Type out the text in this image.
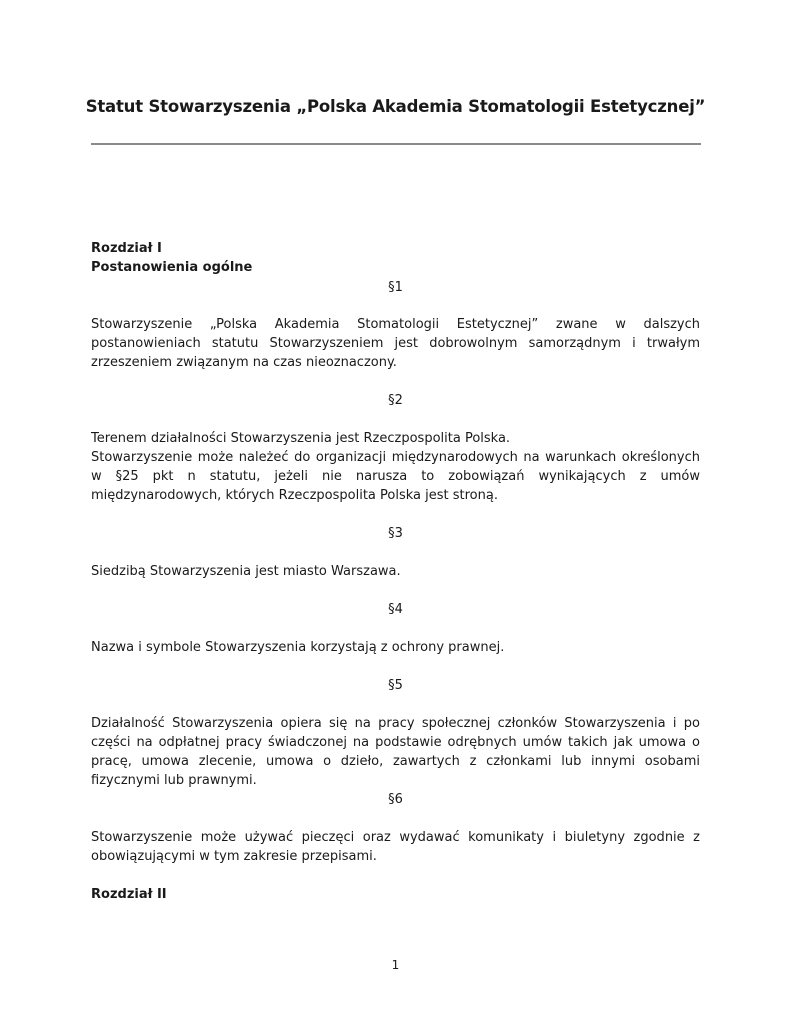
Statut Stowarzyszenia „Polska Akademia Stomatologii Estetycznej”

Rozdział I

Postanowienia ogólne

§1

Stowarzyszenie „Polska Akademia Stomatologii Estetycznej” zwane w dalszych postanowieniach statutu Stowarzyszeniem jest dobrowolnym samorządnym i trwałym zrzeszeniem związanym na czas nieoznaczony.

§2

Terenem działalności Stowarzyszenia jest Rzeczpospolita Polska.

Stowarzyszenie może należeć do organizacji międzynarodowych na warunkach określonych w §25 pkt n statutu, jeżeli nie narusza to zobowiązań wynikających z umów międzynarodowych, których Rzeczpospolita Polska jest stroną.

§3

Siedzibą Stowarzyszenia jest miasto Warszawa.

§4

Nazwa i symbole Stowarzyszenia korzystają z ochrony prawnej.

§5

Działalność Stowarzyszenia opiera się na pracy społecznej członków Stowarzyszenia i po części na odpłatnej pracy świadczonej na podstawie odrębnych umów takich jak umowa o pracę, umowa zlecenie, umowa o dzieło, zawartych z członkami lub innymi osobami fizycznymi lub prawnymi.

§6

Stowarzyszenie może używać pieczęci oraz wydawać komunikaty i biuletyny zgodnie z obowiązującymi w tym zakresie przepisami.

Rozdział II

1
